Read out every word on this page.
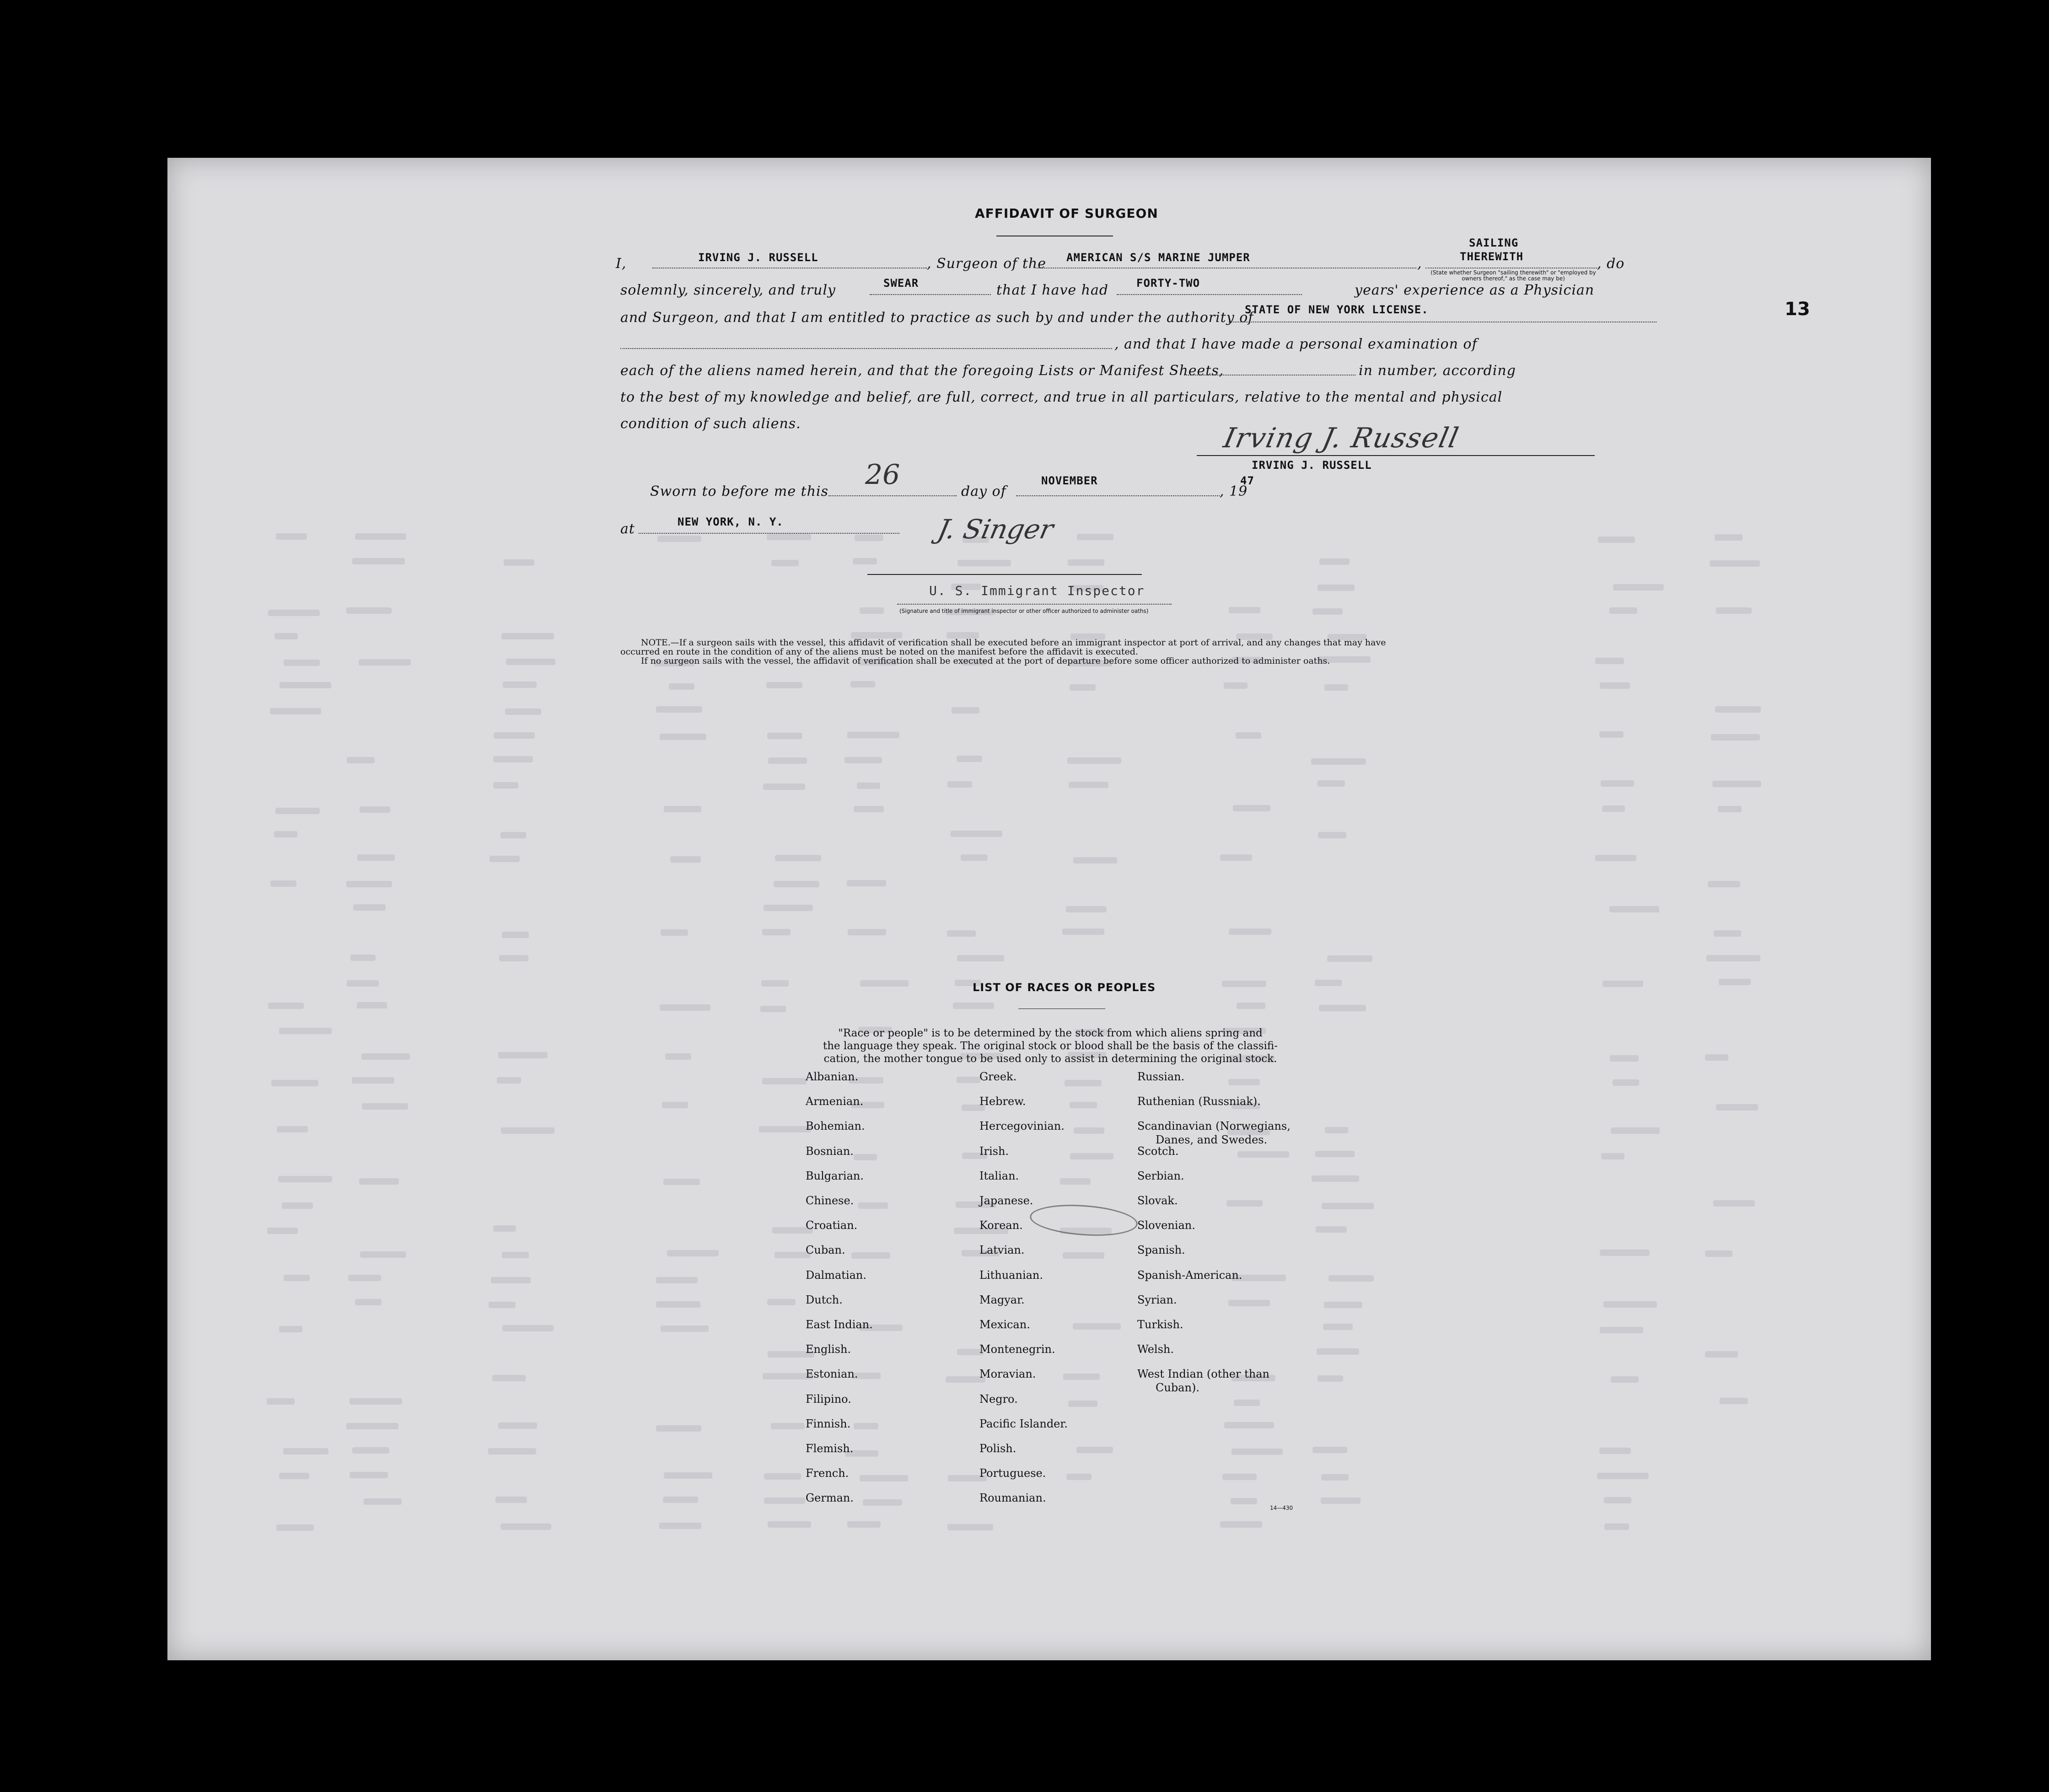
13
AFFIDAVIT OF SURGEON
I,	IRVING J. RUSSELL	, Surgeon of the AMERICAN S/S MARINE JUMPER	,
SAILING
THEREWITH
(State whether Surgeon "sailing therewith" or "employed by owners thereof," as the case may be)
, do
solemnly, sincerely, and truly	SWEAR	that I have had	FORTY-TWO	years' experience as a Physician
and Surgeon, and that I am entitled to practice as such by and under the authority of
STATE OF NEW YORK LICENSE.
, and that I have made a personal examination of
each of the aliens named herein, and that the foregoing Lists or Manifest Sheets,	in number, according
to the best of my knowledge and belief, are full, correct, and true in all particulars, relative to the mental and physical
condition of such aliens.	Irving J. Russell
IRVING J. RUSSELL
Sworn to before me this
26
day of
NOVEMBER
, 19
47
at	NEW YORK, N. Y.	J. Singer
U. S. Immigrant Inspector
(Signature and title of immigrant inspector or other officer authorized to administer oaths)
NOTE.—If a surgeon sails with the vessel, this affidavit of verification shall be executed before an immigrant inspector at port of arrival, and any changes that may have
occurred en route in the condition of any of the aliens must be noted on the manifest before the affidavit is executed.
If no surgeon sails with the vessel, the affidavit of verification shall be executed at the port of departure before some officer authorized to administer oaths.
LIST OF RACES OR PEOPLES
"Race or people" is to be determined by the stock from which aliens spring and
the language they speak. The original stock or blood shall be the basis of the classifi-
cation, the mother tongue to be used only to assist in determining the original stock.
Albanian.
Armenian.
Bohemian.
Bosnian.
Bulgarian.
Chinese.
Croatian.
Cuban.
Dalmatian.
Dutch.
East Indian.
English.
Estonian.
Filipino.
Finnish.
Flemish.
French.
German.
Greek.
Hebrew.
Hercegovinian.
Irish.
Italian.
Japanese.
Korean.
Latvian.
Lithuanian.
Magyar.
Mexican.
Montenegrin.
Moravian.
Negro.
Pacific Islander.
Polish.
Portuguese.
Roumanian.
Russian.
Ruthenian (Russniak).
Scandinavian (Norwegians,
Danes, and Swedes.
Scotch.
Serbian.
Slovak.
Slovenian.
Spanish.
Spanish-American.
Syrian.
Turkish.
Welsh.
West Indian (other than
Cuban).
14—430
